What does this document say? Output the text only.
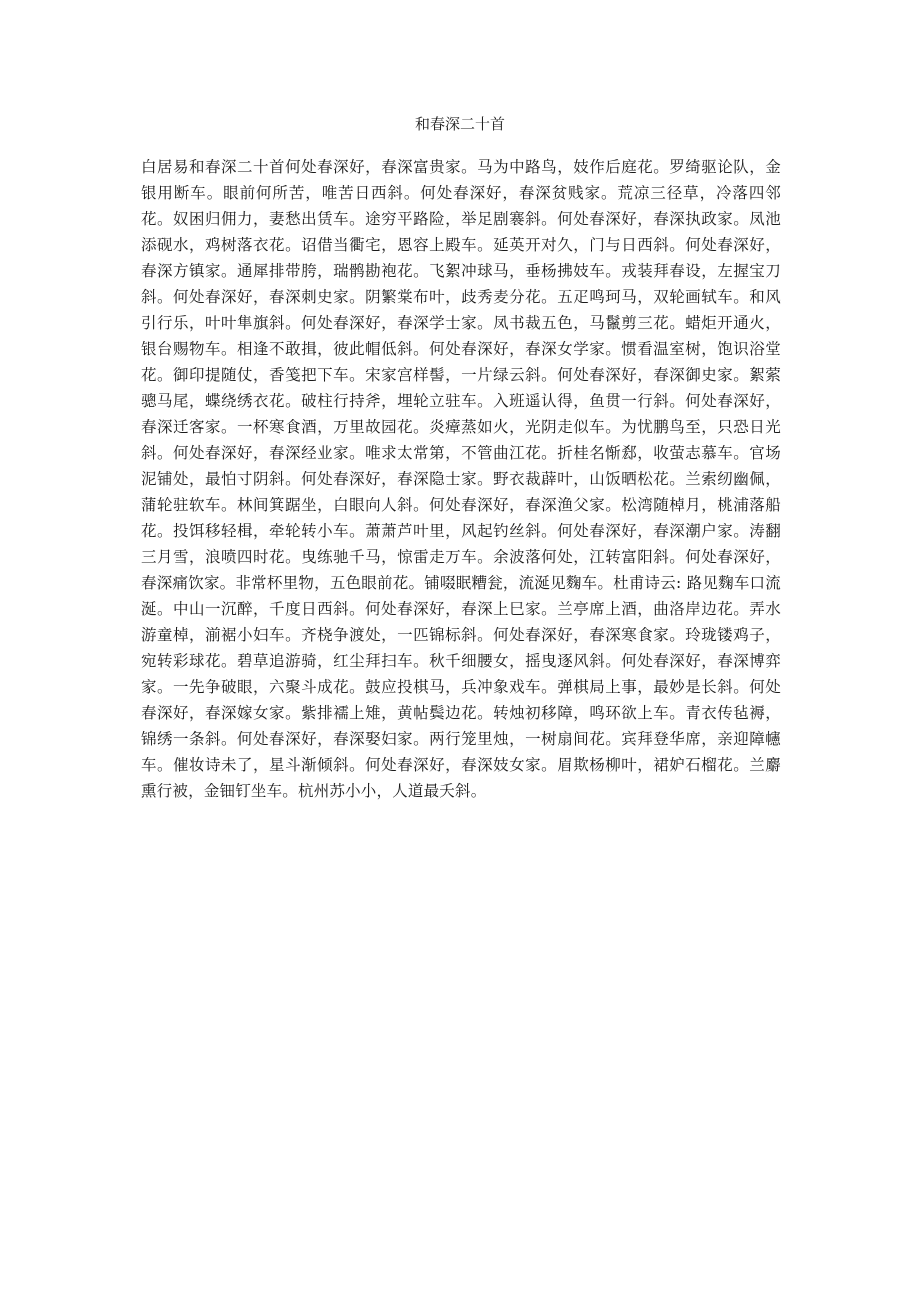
和春深二十首

白居易和春深二十首何处春深好，春深富贵家。马为中路鸟，妓作后庭花。罗绮驱论队，金银用断车。眼前何所苦，唯苦日西斜。何处春深好，春深贫贱家。荒凉三径草，冷落四邻花。奴困归佣力，妻愁出赁车。途穷平路险，举足剧褰斜。何处春深好，春深执政家。凤池添砚水，鸡树落衣花。诏借当衢宅，恩容上殿车。延英开对久，门与日西斜。何处春深好，春深方镇家。通犀排带胯，瑞鹘勘袍花。飞絮冲球马，垂杨拂妓车。戎装拜春设，左握宝刀斜。何处春深好，春深刺史家。阴繁棠布叶，歧秀麦分花。五疋鸣珂马，双轮画轼车。和风引行乐，叶叶隼旗斜。何处春深好，春深学士家。凤书裁五色，马鬣剪三花。蜡炬开通火，银台赐物车。相逢不敢揖，彼此帽低斜。何处春深好，春深女学家。惯看温室树，饱识浴堂花。御印提随仗，香笺把下车。宋家宫样髻，一片绿云斜。何处春深好，春深御史家。絮萦骢马尾，蝶绕绣衣花。破柱行持斧，埋轮立驻车。入班遥认得，鱼贯一行斜。何处春深好，春深迁客家。一杯寒食酒，万里故园花。炎瘴蒸如火，光阴走似车。为忧鹏鸟至，只恐日光斜。何处春深好，春深经业家。唯求太常第，不管曲江花。折桂名惭郄，收萤志慕车。官场泥铺处，最怕寸阴斜。何处春深好，春深隐士家。野衣裁薜叶，山饭晒松花。兰索纫幽佩，蒲轮驻软车。林间箕踞坐，白眼向人斜。何处春深好，春深渔父家。松湾随棹月，桃浦落船花。投饵移轻楫，牵轮转小车。萧萧芦叶里，风起钓丝斜。何处春深好，春深潮户家。涛翻三月雪，浪喷四时花。曳练驰千马，惊雷走万车。余波落何处，江转富阳斜。何处春深好，春深痛饮家。非常杯里物，五色眼前花。铺啜眠糟瓮，流涎见麴车。杜甫诗云: 路见麴车口流涎。中山一沉醉，千度日西斜。何处春深好，春深上巳家。兰亭席上酒，曲洛岸边花。弄水游童棹，湔裾小妇车。齐桡争渡处，一匹锦标斜。何处春深好，春深寒食家。玲珑镂鸡子，宛转彩球花。碧草追游骑，红尘拜扫车。秋千细腰女，摇曳逐风斜。何处春深好，春深博弈家。一先争破眼，六聚斗成花。鼓应投棋马，兵冲象戏车。弹棋局上事，最妙是长斜。何处春深好，春深嫁女家。紫排襦上雉，黄帖鬓边花。转烛初移障，鸣环欲上车。青衣传毡褥，锦绣一条斜。何处春深好，春深娶妇家。两行笼里烛，一树扇间花。宾拜登华席，亲迎障幰车。催妆诗未了，星斗渐倾斜。何处春深好，春深妓女家。眉欺杨柳叶，裙妒石榴花。兰麝熏行被，金钿钉坐车。杭州苏小小，人道最夭斜。
